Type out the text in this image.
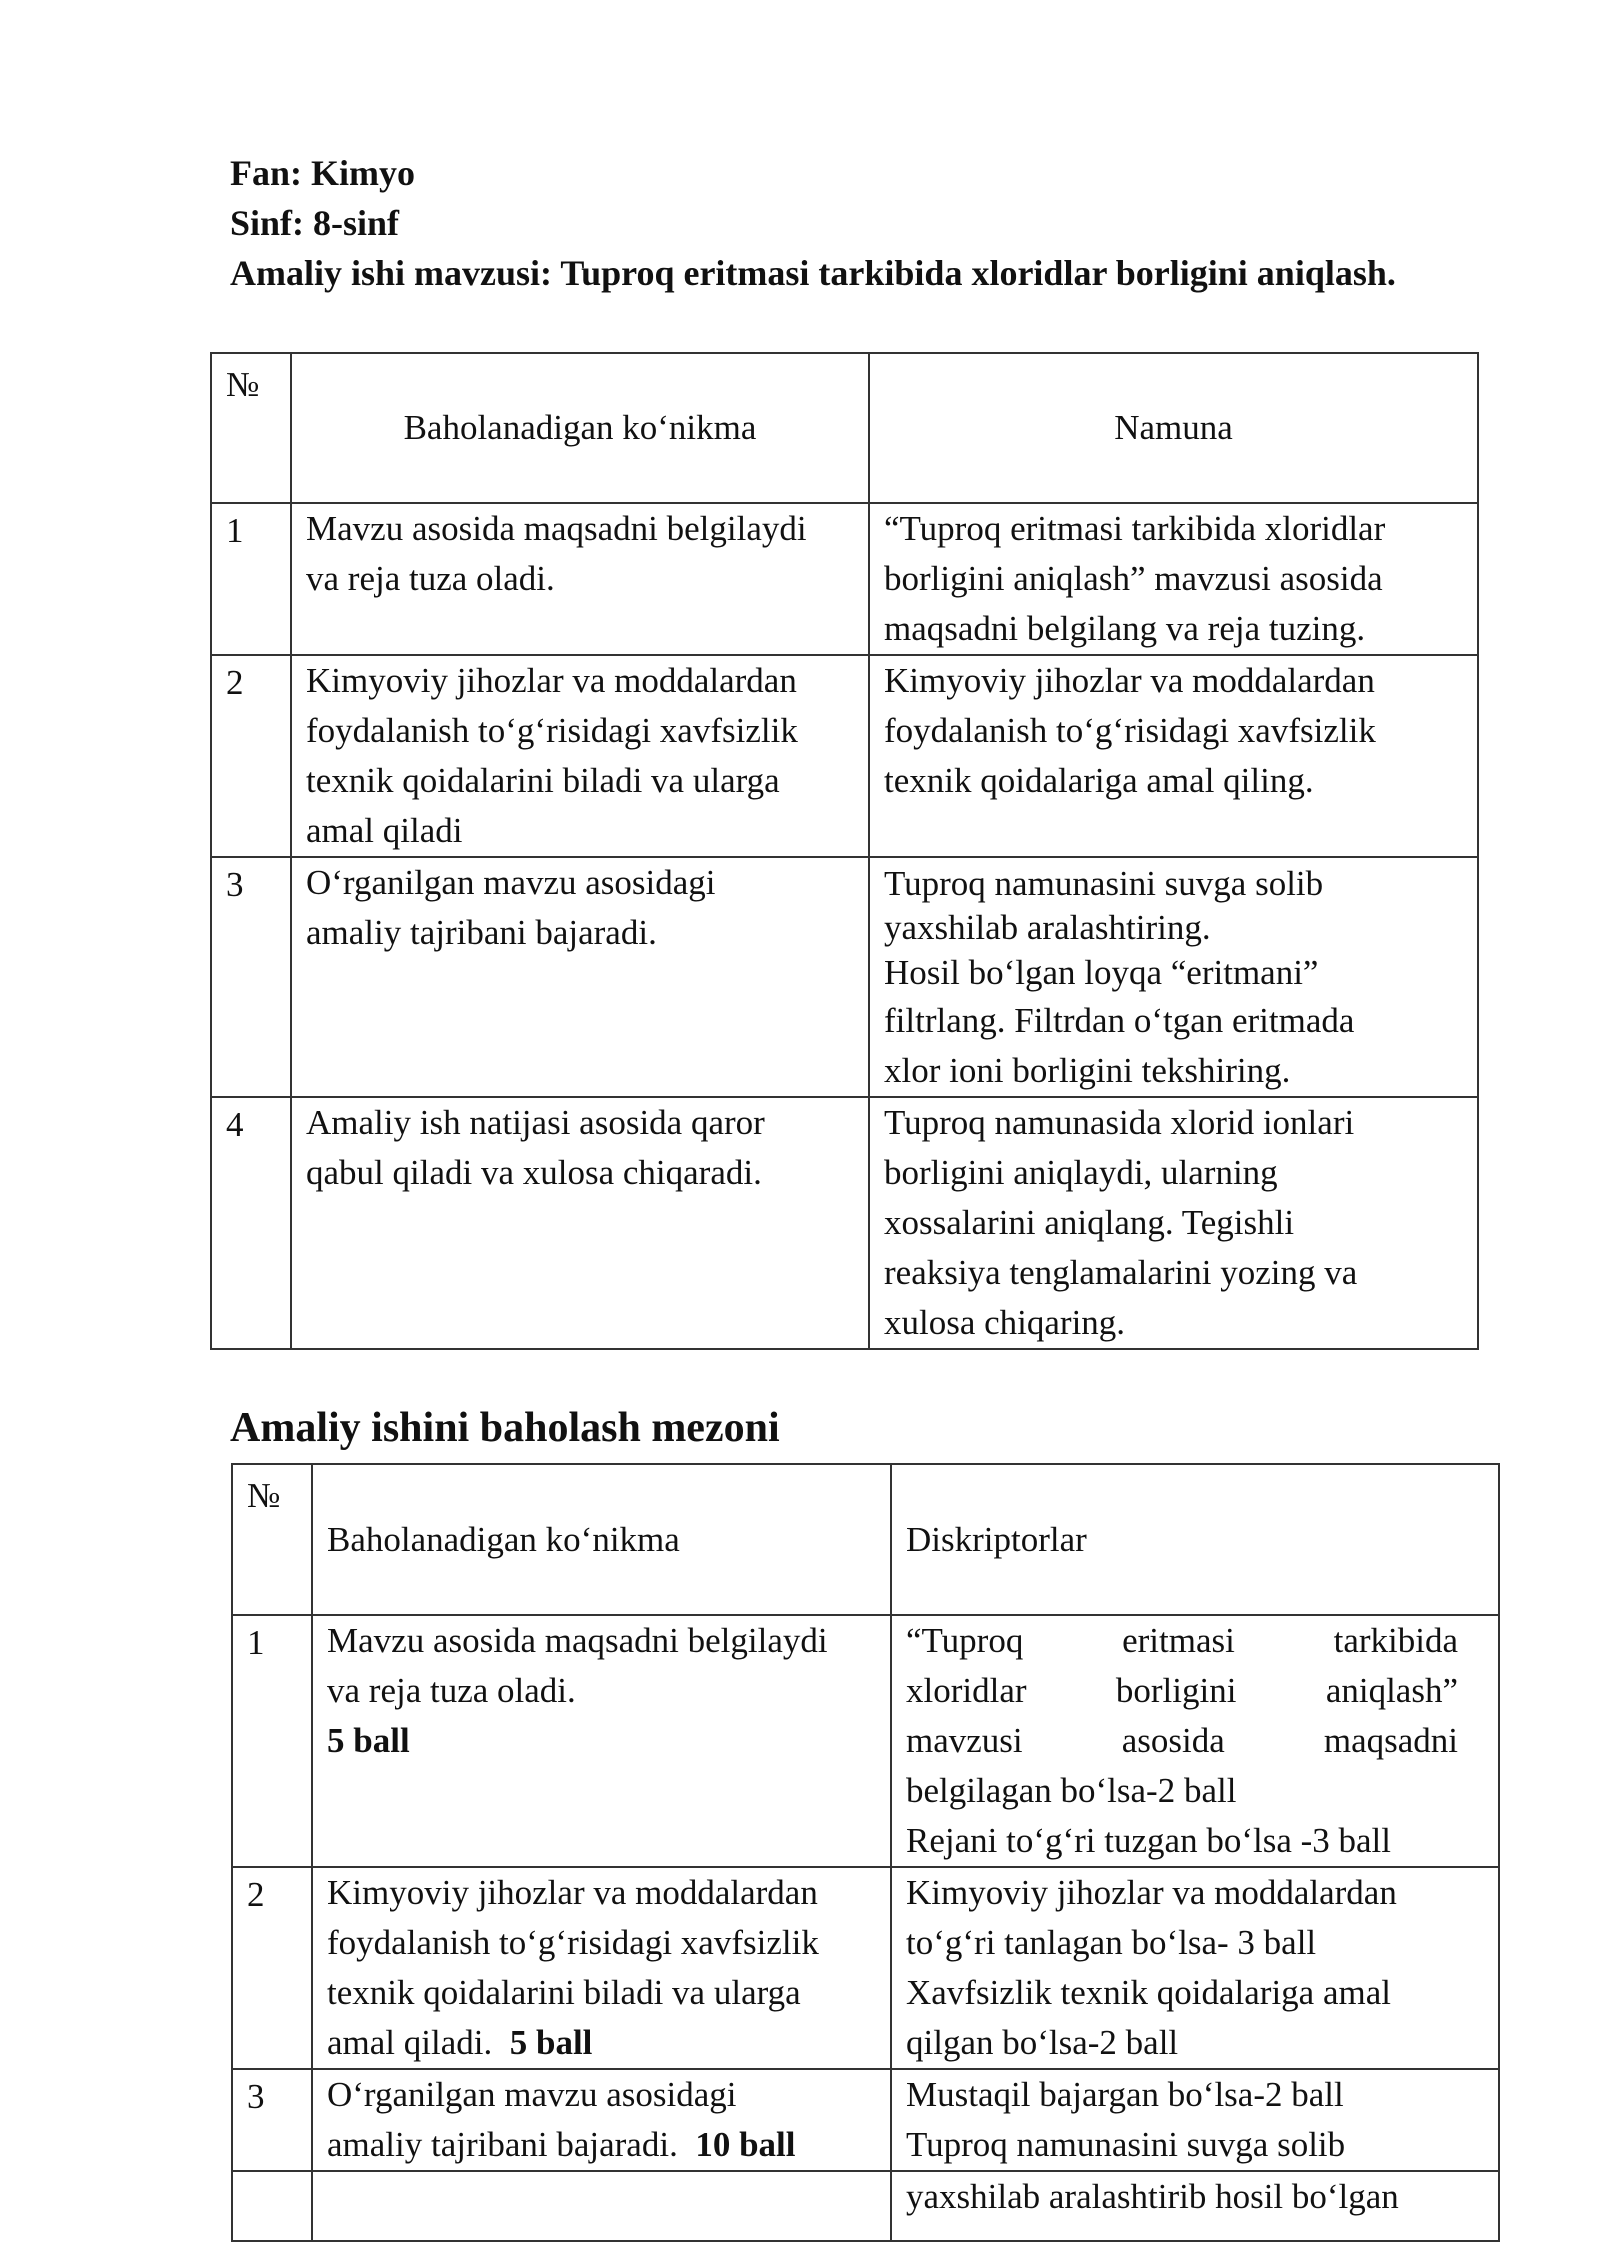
Fan: Kimyo
Sinf: 8-sinf
Amaliy ishi mavzusi: Tuproq eritmasi tarkibida xloridlar borligini aniqlash.
№	Baholanadigan ko‘nikma	Namuna
1	Mavzu asosida maqsadni belgilaydi
va reja tuza oladi.	“Tuproq eritmasi tarkibida xloridlar
borligini aniqlash” mavzusi asosida
maqsadni belgilang va reja tuzing.

2	Kimyoviy jihozlar va moddalardan
foydalanish to‘g‘risidagi xavfsizlik
texnik qoidalarini biladi va ularga
amal qiladi	Kimyoviy jihozlar va moddalardan
foydalanish to‘g‘risidagi xavfsizlik
texnik qoidalariga amal qiling.

3	O‘rganilgan mavzu asosidagi
amaliy tajribani bajaradi.	Tuproq namunasini suvga solib
yaxshilab aralashtiring.
Hosil bo‘lgan loyqa “eritmani”
filtrlang. Filtrdan o‘tgan eritmada
xlor ioni borligini tekshiring.

4	Amaliy ish natijasi asosida qaror
qabul qiladi va xulosa chiqaradi.	Tuproq namunasida xlorid ionlari
borligini aniqlaydi, ularning
xossalarini aniqlang. Tegishli
reaksiya tenglamalarini yozing va
xulosa chiqaring.
Amaliy ishini baholash mezoni
№	Baholanadigan ko‘nikma	Diskriptorlar
1	Mavzu asosida maqsadni belgilaydi
va reja tuza oladi.
5 ball	“Tuproq eritmasi tarkibida
xloridlar borligini aniqlash”
mavzusi asosida maqsadni
belgilagan bo‘lsa-2 ball
Rejani to‘g‘ri tuzgan bo‘lsa -3 ball

2	Kimyoviy jihozlar va moddalardan
foydalanish to‘g‘risidagi xavfsizlik
texnik qoidalarini biladi va ularga
amal qiladi. 5 ball	Kimyoviy jihozlar va moddalardan
to‘g‘ri tanlagan bo‘lsa- 3 ball
Xavfsizlik texnik qoidalariga amal
qilgan bo‘lsa-2 ball

3	O‘rganilgan mavzu asosidagi
amaliy tajribani bajaradi. 10 ball	Mustaqil bajargan bo‘lsa-2 ball
Tuproq namunasini suvga solib

		yaxshilab aralashtirib hosil bo‘lgan
